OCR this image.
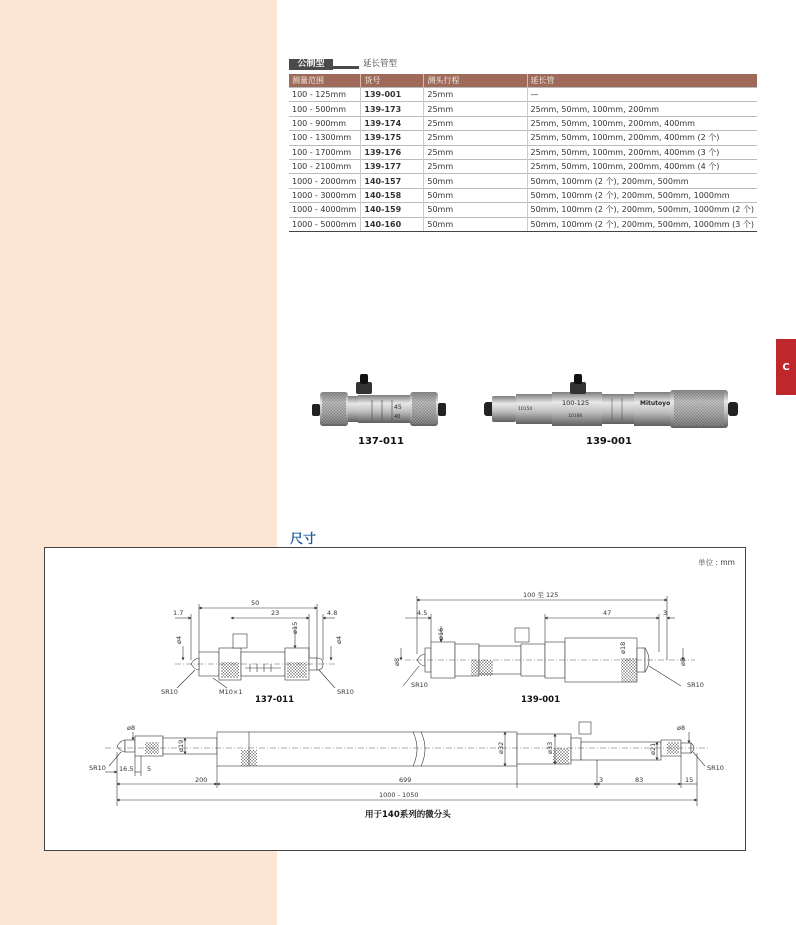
C
公制型	延长管型
测量范围	货号	测头行程	延长管
100 - 125mm	139-001	25mm	—
100 - 500mm	139-173	25mm	25mm, 50mm, 100mm, 200mm
100 - 900mm	139-174	25mm	25mm, 50mm, 100mm, 200mm, 400mm
100 - 1300mm	139-175	25mm	25mm, 50mm, 100mm, 200mm, 400mm (2 个)
100 - 1700mm	139-176	25mm	25mm, 50mm, 100mm, 200mm, 400mm (3 个)
100 - 2100mm	139-177	25mm	25mm, 50mm, 100mm, 200mm, 400mm (4 个)
1000 - 2000mm	140-157	50mm	50mm, 100mm (2 个), 200mm, 500mm
1000 - 3000mm	140-158	50mm	50mm, 100mm (2 个), 200mm, 500mm, 1000mm
1000 - 4000mm	140-159	50mm	50mm, 100mm (2 个), 200mm, 500mm, 1000mm (2 个)
1000 - 5000mm	140-160	50mm	50mm, 100mm (2 个), 200mm, 500mm, 1000mm (3 个)
45
40
137-011
100-125
10150
10186
Mitutoyo
139-001
尺寸
单位 : mm
50
1.7	23	4.8
ø15
ø4	ø4
SR10	M10×1	SR10
100 至 125
4.5	47	3
ø16
ø18
ø8	ø8
SR10	SR10
ø8	ø8
ø19	ø32	ø33	ø21
SR10	SR10
16.5 5
200	699	3	83	15
1000 - 1050
137-011	139-001
用于140系列的微分头
